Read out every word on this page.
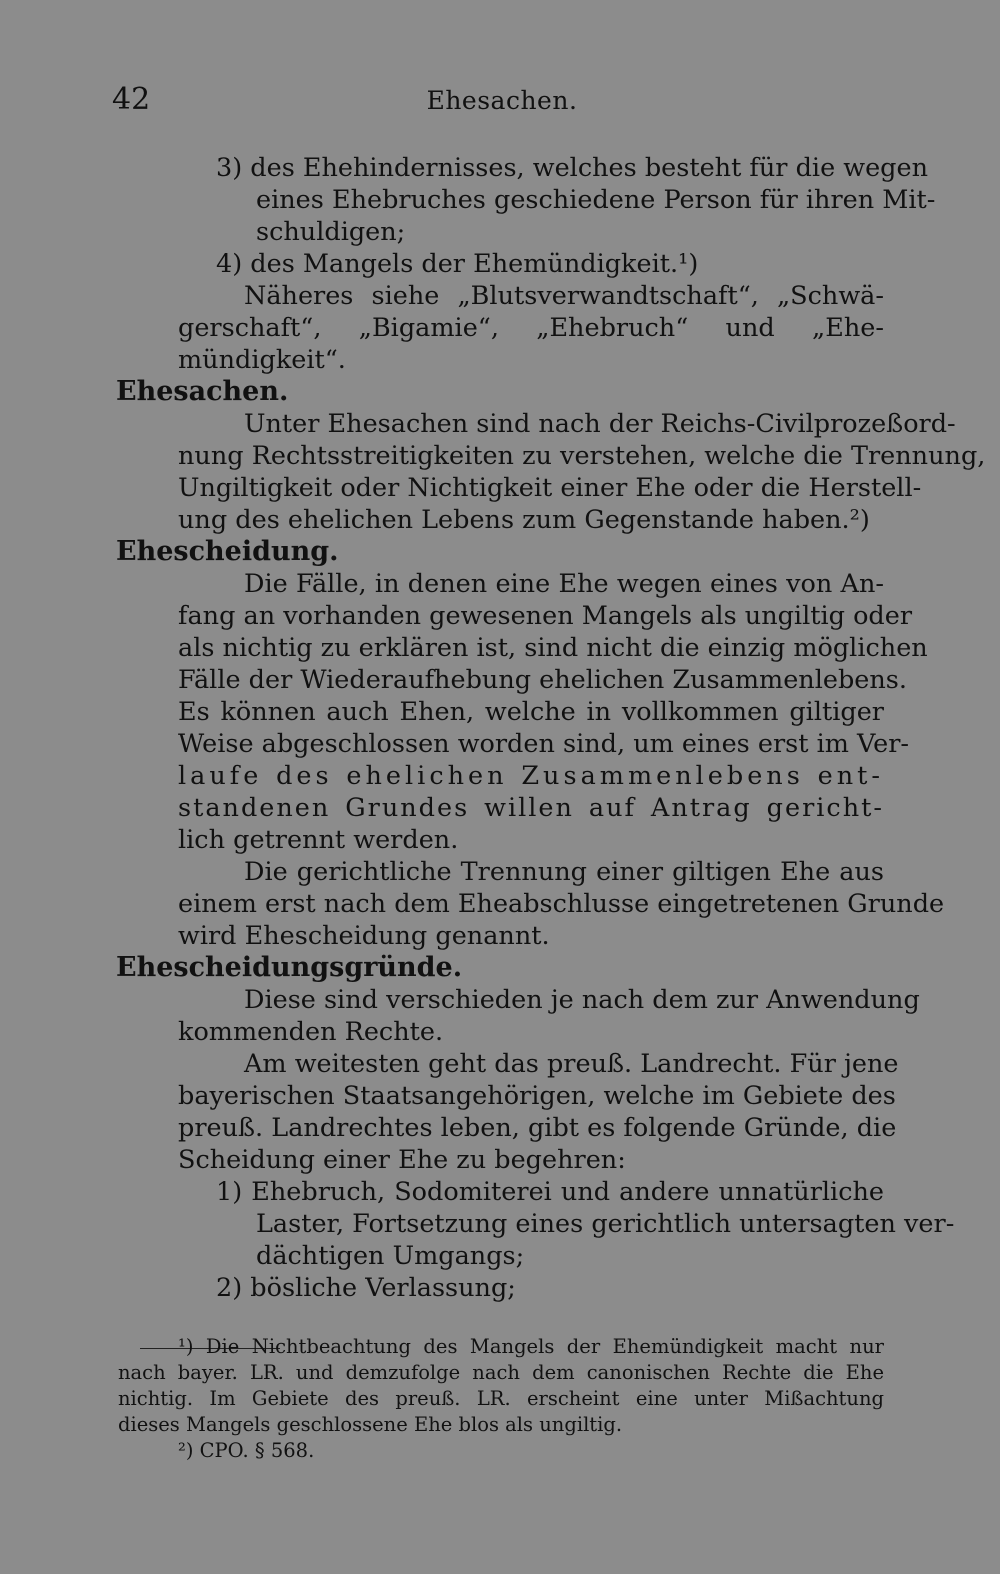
42	Ehesachen.
3) des Ehehindernisses, welches besteht für die wegen
eines Ehebruches geschiedene Person für ihren Mit-
schuldigen;
4) des Mangels der Ehemündigkeit.¹)
Näheres siehe „Blutsverwandtschaft“, „Schwä-
gerschaft“, „Bigamie“, „Ehebruch“ und „Ehe-
mündigkeit“.
Ehesachen.
Unter Ehesachen sind nach der Reichs-Civilprozeßord-
nung Rechtsstreitigkeiten zu verstehen, welche die Trennung,
Ungiltigkeit oder Nichtigkeit einer Ehe oder die Herstell-
ung des ehelichen Lebens zum Gegenstande haben.²)
Ehescheidung.
Die Fälle, in denen eine Ehe wegen eines von An-
fang an vorhanden gewesenen Mangels als ungiltig oder
als nichtig zu erklären ist, sind nicht die einzig möglichen
Fälle der Wiederaufhebung ehelichen Zusammenlebens.
Es können auch Ehen, welche in vollkommen giltiger
Weise abgeschlossen worden sind, um eines erst im Ver-
laufe des ehelichen Zusammenlebens ent-
standenen Grundes willen auf Antrag gericht-
lich getrennt werden.
Die gerichtliche Trennung einer giltigen Ehe aus
einem erst nach dem Eheabschlusse eingetretenen Grunde
wird Ehescheidung genannt.
Ehescheidungsgründe.
Diese sind verschieden je nach dem zur Anwendung
kommenden Rechte.
Am weitesten geht das preuß. Landrecht. Für jene
bayerischen Staatsangehörigen, welche im Gebiete des
preuß. Landrechtes leben, gibt es folgende Gründe, die
Scheidung einer Ehe zu begehren:
1) Ehebruch, Sodomiterei und andere unnatürliche
Laster, Fortsetzung eines gerichtlich untersagten ver-
dächtigen Umgangs;
2) bösliche Verlassung;
¹) Die Nichtbeachtung des Mangels der Ehemündigkeit macht nur
nach bayer. LR. und demzufolge nach dem canonischen Rechte die Ehe
nichtig. Im Gebiete des preuß. LR. erscheint eine unter Mißachtung
dieses Mangels geschlossene Ehe blos als ungiltig.
²) CPO. § 568.
